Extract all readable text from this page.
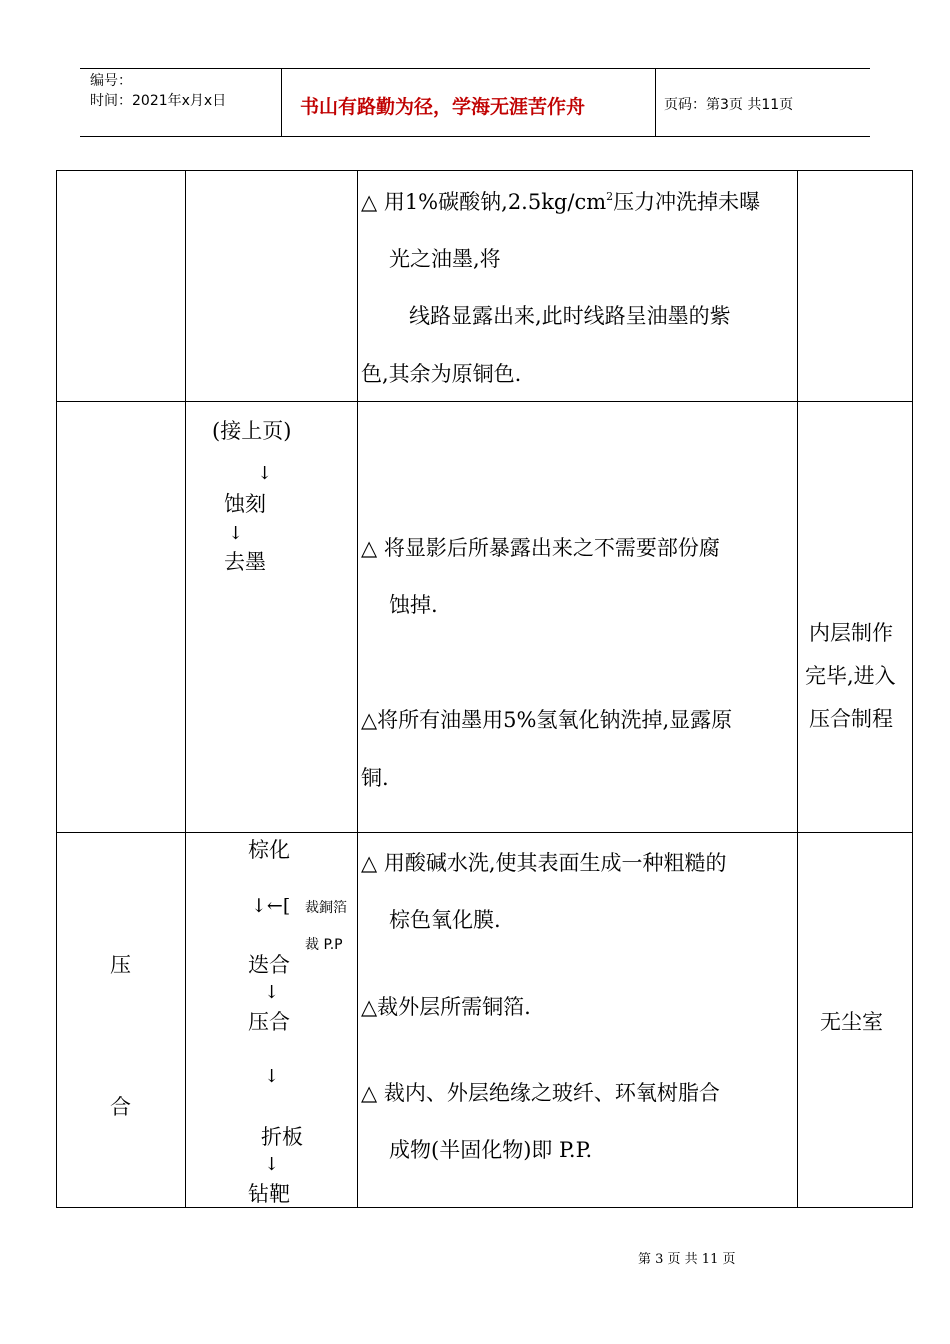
编号：
时间：2021年x月x日	书山有路勤为径，学海无涯苦作舟	页码：第3页 共11页
△ 用1%碳酸钠$,2.5kg/cm^2$压力冲洗掉未曝
光之油墨,将
线路显露出来,此时线路呈油墨的紫
色,其余为原铜色.
(接上页)
↓
蚀刻
↓
去墨
△ 将显影后所暴露出来之不需要部份腐
蚀掉.
△将所有油墨用5%氢氧化钠洗掉,显露原
铜.
内层制作
完毕,进入
压合制程
压
合
棕化
↓←[ 裁銅箔
裁 P.P
迭合
↓
压合
↓
折板
↓
钻靶
△ 用酸碱水洗,使其表面生成一种粗糙的
棕色氧化膜.
△裁外层所需铜箔.
△ 裁内、外层绝缘之玻纤、环氧树脂合
成物(半固化物)即 P.P.
无尘室
第 3 页 共 11 页
